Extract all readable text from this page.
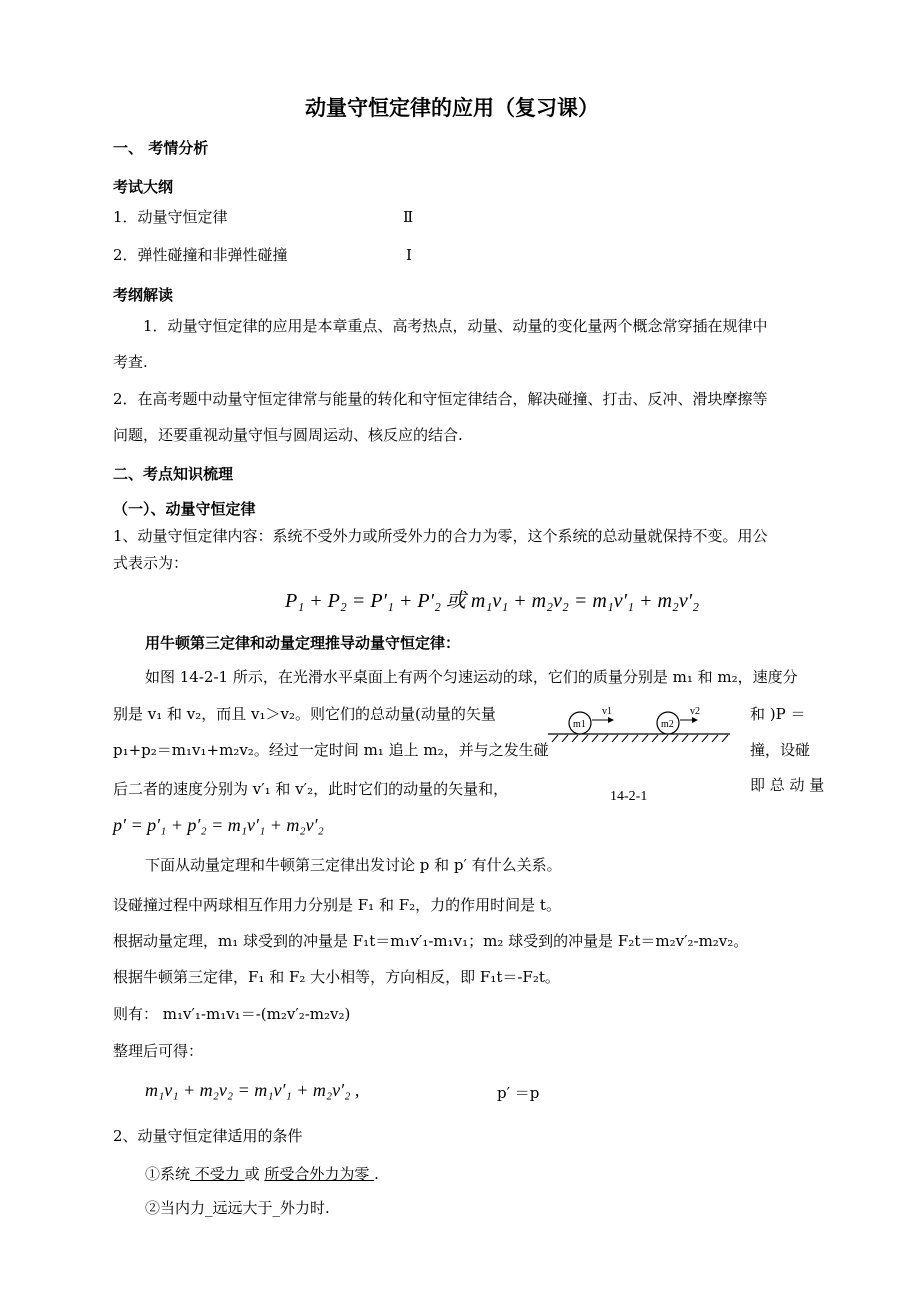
动量守恒定律的应用（复习课）
一、 考情分析
考试大纲
1．动量守恒定律	Ⅱ
2．弹性碰撞和非弹性碰撞	Ⅰ
考纲解读
1．动量守恒定律的应用是本章重点、高考热点，动量、动量的变化量两个概念常穿插在规律中
考查.
2．在高考题中动量守恒定律常与能量的转化和守恒定律结合，解决碰撞、打击、反冲、滑块摩擦等
问题，还要重视动量守恒与圆周运动、核反应的结合.
二、考点知识梳理
（一）、动量守恒定律
1、动量守恒定律内容：系统不受外力或所受外力的合力为零，这个系统的总动量就保持不变。用公
式表示为：
P₁ + P₂ = P′₁ + P′₂ 或 m₁v₁ + m₂v₂ = m₁v′₁ + m₂v′₂
用牛顿第三定律和动量定理推导动量守恒定律：
如图 14-2-1 所示，在光滑水平桌面上有两个匀速运动的球，它们的质量分别是 m₁ 和 m₂，速度分
别是 v₁ 和 v₂，而且 v₁＞v₂。则它们的总动量(动量的矢量	和 )P ＝
p₁+p₂＝m₁v₁+m₂v₂。经过一定时间 m₁ 追上 m₂，并与之发生碰	撞，设碰
后二者的速度分别为 v′₁ 和 v′₂，此时它们的动量的矢量和，	即 总 动 量
m1
v1
m2
v2
14-2-1
p′ = p′₁ + p′₂ = m₁v′₁ + m₂v′₂
下面从动量定理和牛顿第三定律出发讨论 p 和 p′ 有什么关系。
设碰撞过程中两球相互作用力分别是 F₁ 和 F₂，力的作用时间是 t。
根据动量定理，m₁ 球受到的冲量是 F₁t＝m₁v′₁-m₁v₁；m₂ 球受到的冲量是 F₂t＝m₂v′₂-m₂v₂。
根据牛顿第三定律，F₁ 和 F₂ 大小相等，方向相反，即 F₁t＝-F₂t。
则有： m₁v′₁-m₁v₁＝-(m₂v′₂-m₂v₂)
整理后可得：
m₁v₁ + m₂v₂ = m₁v′₁ + m₂v′₂ ,	p′ ＝p
2、动量守恒定律适用的条件
①系统 不受力 或 所受合外力为零 .
②当内力_远远大于_外力时.
